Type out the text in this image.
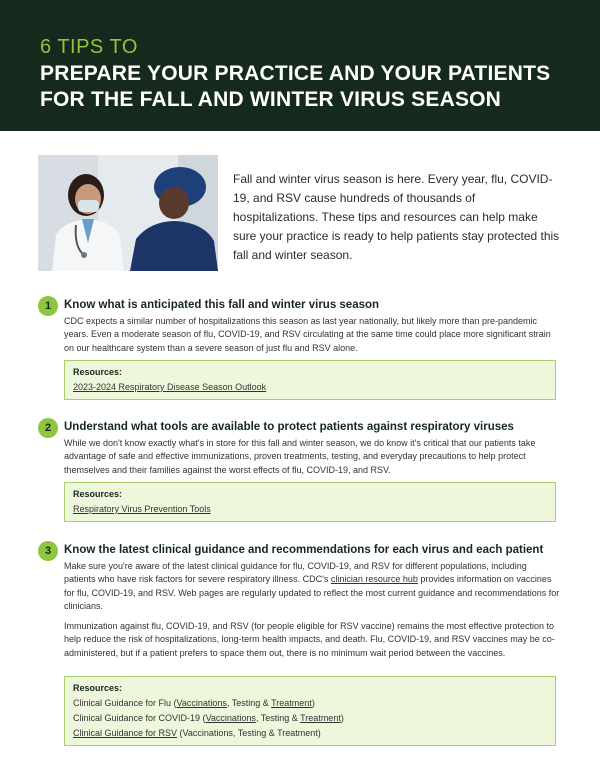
6 TIPS TO
PREPARE YOUR PRACTICE AND YOUR PATIENTS FOR THE FALL AND WINTER VIRUS SEASON
Fall and winter virus season is here. Every year, flu, COVID-19, and RSV cause hundreds of thousands of hospitalizations. These tips and resources can help make sure your practice is ready to help patients stay protected this fall and winter season.
1	Know what is anticipated this fall and winter virus season

CDC expects a similar number of hospitalizations this season as last year nationally, but likely more than pre-pandemic years. Even a moderate season of flu, COVID-19, and RSV circulating at the same time could place more significant strain on our healthcare system than a severe season of just flu and RSV alone.

Resources:
2023-2024 Respiratory Disease Season Outlook
2	Understand what tools are available to protect patients against respiratory viruses

While we don't know exactly what's in store for this fall and winter season, we do know it's critical that our patients take advantage of safe and effective immunizations, proven treatments, testing, and everyday precautions to help protect themselves and their families against the worst effects of flu, COVID-19, and RSV.

Resources:
Respiratory Virus Prevention Tools
3	Know the latest clinical guidance and recommendations for each virus and each patient

Make sure you're aware of the latest clinical guidance for flu, COVID-19, and RSV for different populations, including patients who have risk factors for severe respiratory illness. CDC's clinician resource hub provides information on vaccines for flu, COVID-19, and RSV. Web pages are regularly updated to reflect the most current guidance and recommendations for clinicians.

Immunization against flu, COVID-19, and RSV (for people eligible for RSV vaccine) remains the most effective protection to help reduce the risk of hospitalizations, long-term health impacts, and death. Flu, COVID-19, and RSV vaccines may be co-administered, but if a patient prefers to space them out, there is no minimum wait period between the vaccines.

Resources:
Clinical Guidance for Flu (Vaccinations, Testing & Treatment)
Clinical Guidance for COVID-19 (Vaccinations, Testing & Treatment)
Clinical Guidance for RSV (Vaccinations, Testing & Treatment)
